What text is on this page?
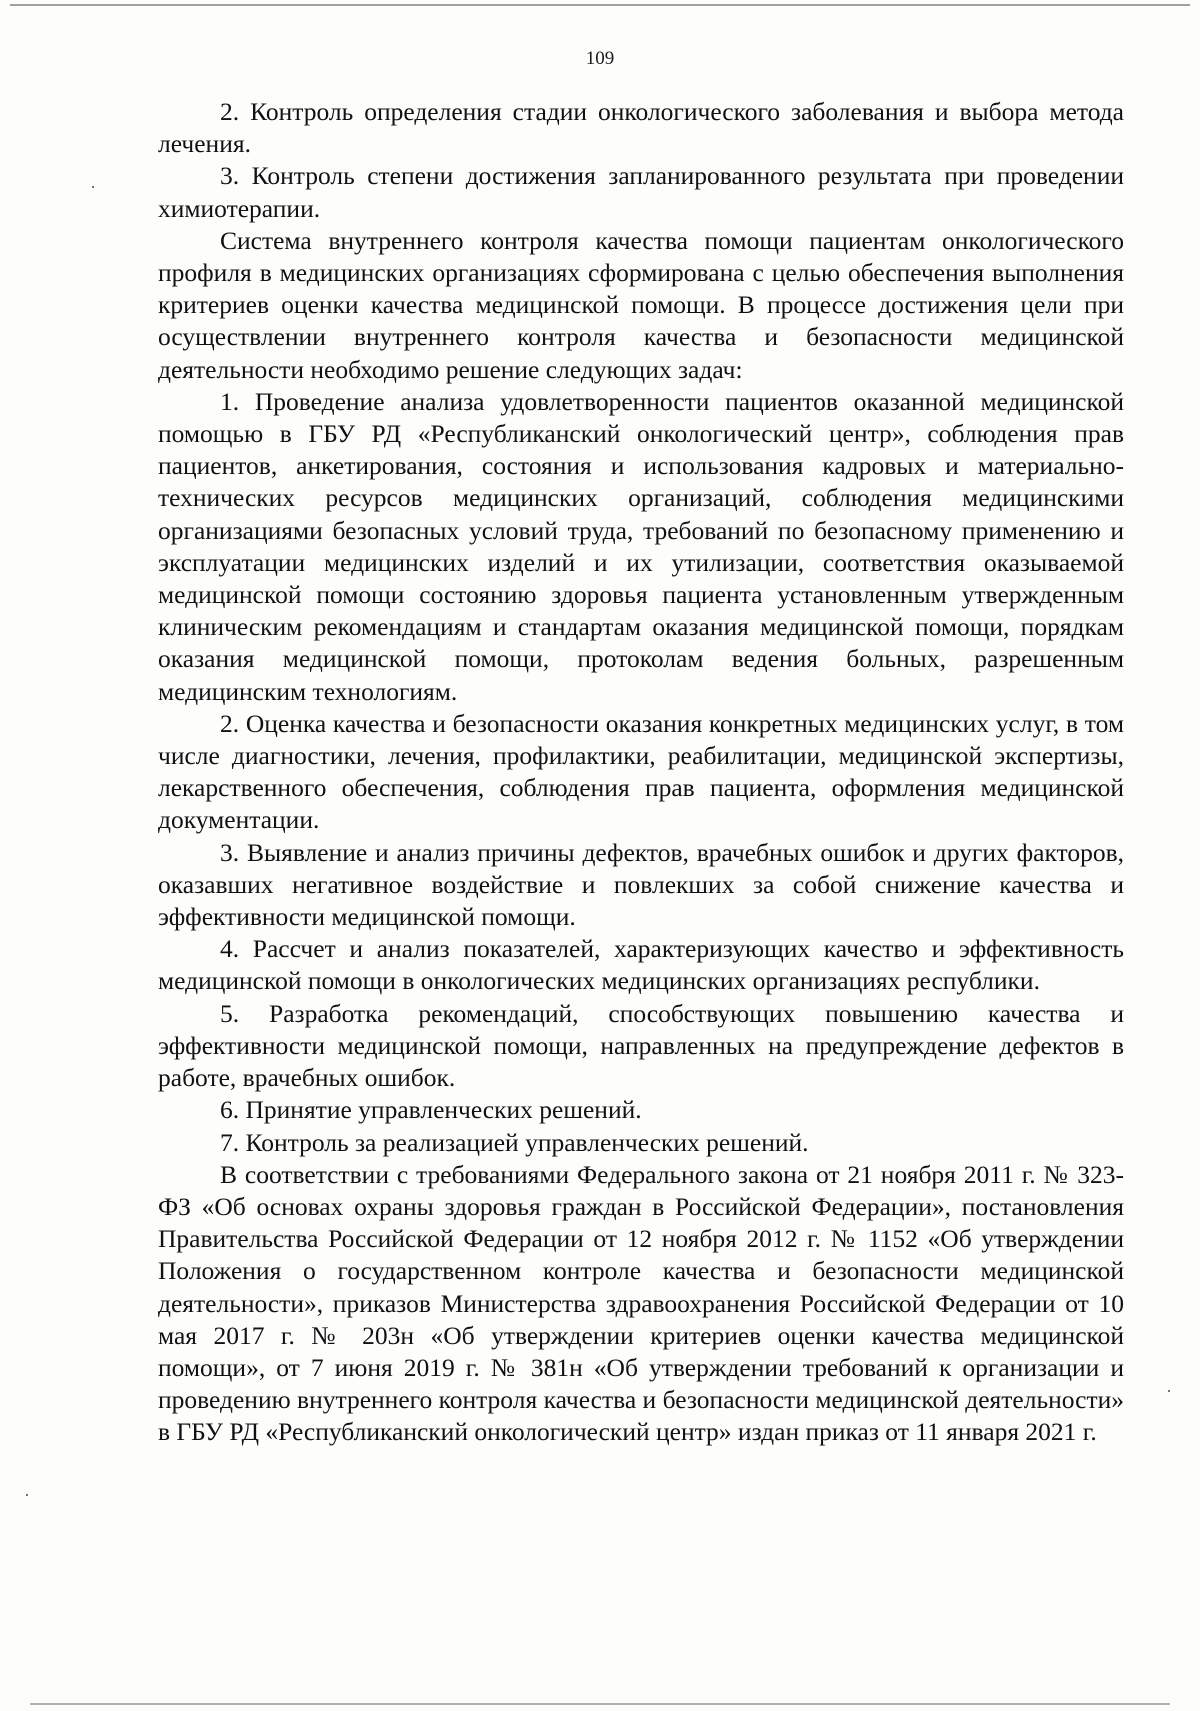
109

2. Контроль определения стадии онкологического заболевания и выбора метода лечения.

3. Контроль степени достижения запланированного результата при проведении химиотерапии.

Система внутреннего контроля качества помощи пациентам онкологического профиля в медицинских организациях сформирована с целью обеспечения выполнения критериев оценки качества медицинской помощи. В процессе достижения цели при осуществлении внутреннего контроля качества и безопасности медицинской деятельности необходимо решение следующих задач:

1. Проведение анализа удовлетворенности пациентов оказанной медицинской помощью в ГБУ РД «Республиканский онкологический центр», соблюдения прав пациентов, анкетирования, состояния и использования кадровых и материально-технических ресурсов медицинских организаций, соблюдения медицинскими организациями безопасных условий труда, требований по безопасному применению и эксплуатации медицинских изделий и их утилизации, соответствия оказываемой медицинской помощи состоянию здоровья пациента установленным утвержденным клиническим рекомендациям и стандартам оказания медицинской помощи, порядкам оказания медицинской помощи, протоколам ведения больных, разрешенным медицинским технологиям.

2. Оценка качества и безопасности оказания конкретных медицинских услуг, в том числе диагностики, лечения, профилактики, реабилитации, медицинской экспертизы, лекарственного обеспечения, соблюдения прав пациента, оформления медицинской документации.

3. Выявление и анализ причины дефектов, врачебных ошибок и других факторов, оказавших негативное воздействие и повлекших за собой снижение качества и эффективности медицинской помощи.

4. Рассчет и анализ показателей, характеризующих качество и эффективность медицинской помощи в онкологических медицинских организациях республики.

5. Разработка рекомендаций, способствующих повышению качества и эффективности медицинской помощи, направленных на предупреждение дефектов в работе, врачебных ошибок.

6. Принятие управленческих решений.

7. Контроль за реализацией управленческих решений.

В соответствии с требованиями Федерального закона от 21 ноября 2011 г. № 323-ФЗ «Об основах охраны здоровья граждан в Российской Федерации», постановления Правительства Российской Федерации от 12 ноября 2012 г. № 1152 «Об утверждении Положения о государственном контроле качества и безопасности медицинской деятельности», приказов Министерства здравоохранения Российской Федерации от 10 мая 2017 г. № 203н «Об утверждении критериев оценки качества медицинской помощи», от 7 июня 2019 г. № 381н «Об утверждении требований к организации и проведению внутреннего контроля качества и безопасности медицинской деятельности» в ГБУ РД «Республиканский онкологический центр» издан приказ от 11 января 2021 г.
